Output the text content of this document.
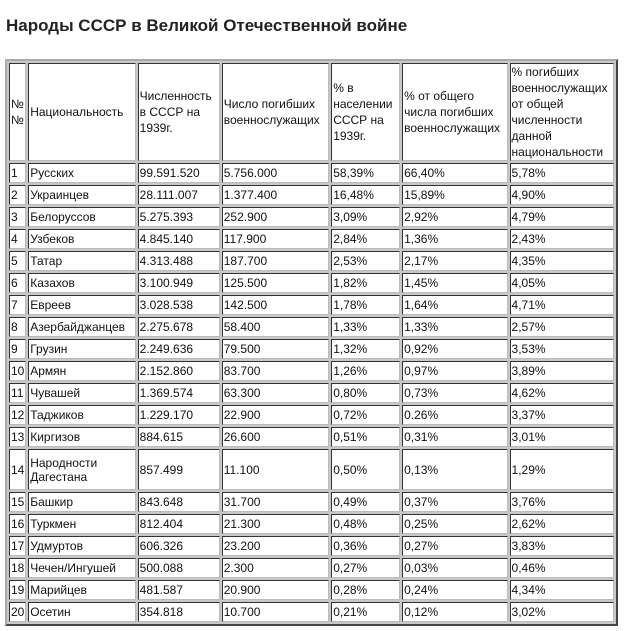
Народы СССР в Великой Отечественной войне
№ №	Национальность	Численность в СССР на 1939г.	Число погибших военнослужащих	% в населении СССР на 1939г.	% от общего числа погибших военнослужащих	% погибших военнослужащих от общей численности данной национальности
1	Русских	99.591.520	5.756.000	58,39%	66,40%	5,78%
2	Украинцев	28.111.007	1.377.400	16,48%	15,89%	4,90%
3	Белоруссов	5.275.393	252.900	3,09%	2,92%	4,79%
4	Узбеков	4.845.140	117.900	2,84%	1,36%	2,43%
5	Татар	4.313.488	187.700	2,53%	2,17%	4,35%
6	Казахов	3.100.949	125.500	1,82%	1,45%	4,05%
7	Евреев	3.028.538	142.500	1,78%	1,64%	4,71%
8	Азербайджанцев	2.275.678	58.400	1,33%	1,33%	2,57%
9	Грузин	2.249.636	79.500	1,32%	0,92%	3,53%
10	Армян	2.152.860	83.700	1,26%	0,97%	3,89%
11	Чувашей	1.369.574	63.300	0,80%	0,73%	4,62%
12	Таджиков	1.229.170	22.900	0,72%	0.26%	3,37%
13	Киргизов	884.615	26.600	0,51%	0,31%	3,01%
14	Народности Дагестана	857.499	11.100	0,50%	0,13%	1,29%
15	Башкир	843.648	31.700	0,49%	0,37%	3,76%
16	Туркмен	812.404	21.300	0,48%	0,25%	2,62%
17	Удмуртов	606.326	23.200	0,36%	0,27%	3,83%
18	Чечен/Ингушей	500.088	2.300	0,27%	0,03%	0,46%
19	Марийцев	481.587	20.900	0,28%	0,24%	4,34%
20	Осетин	354.818	10.700	0,21%	0,12%	3,02%
